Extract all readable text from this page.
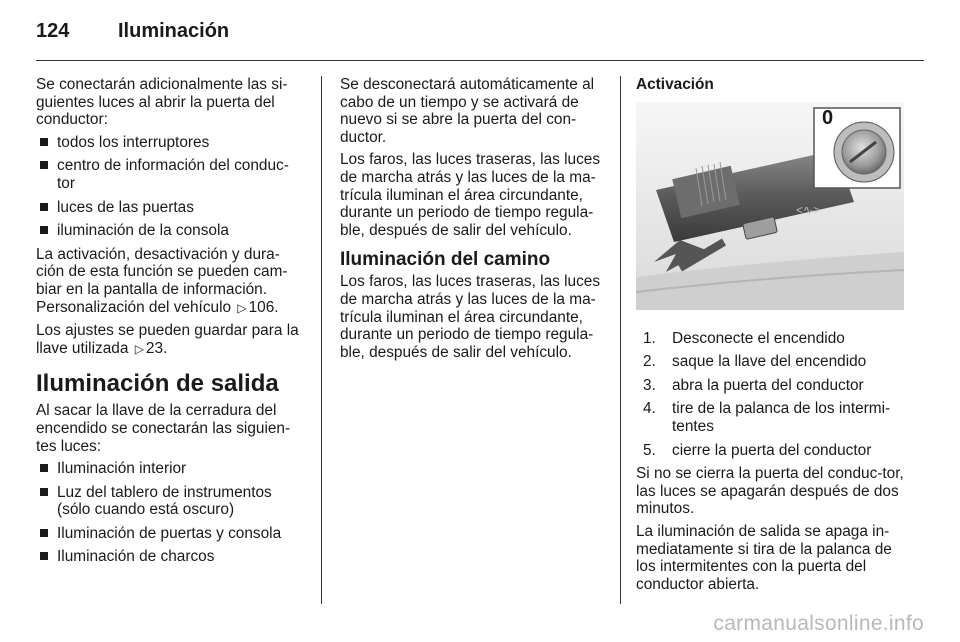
124 Iluminación

Se conectarán adicionalmente las si-guientes luces al abrir la puerta del conductor:

todos los interruptores
centro de información del conduc-tor
luces de las puertas
iluminación de la consola

La activación, desactivación y dura-ción de esta función se pueden cam-biar en la pantalla de información. Personalización del vehículo ▷ 106.

Los ajustes se pueden guardar para la llave utilizada ▷ 23.

Iluminación de salida

Al sacar la llave de la cerradura del encendido se conectarán las siguien-tes luces:

Iluminación interior
Luz del tablero de instrumentos (sólo cuando está oscuro)
Iluminación de puertas y consola
Iluminación de charcos

Se desconectará automáticamente al cabo de un tiempo y se activará de nuevo si se abre la puerta del con-ductor.

Los faros, las luces traseras, las luces de marcha atrás y las luces de la ma-trícula iluminan el área circundante, durante un periodo de tiempo regula-ble, después de salir del vehículo.

Iluminación del camino

Los faros, las luces traseras, las luces de marcha atrás y las luces de la ma-trícula iluminan el área circundante, durante un periodo de tiempo regula-ble, después de salir del vehículo.

Activación
<∿>
0
1. Desconecte el encendido
2. saque la llave del encendido
3. abra la puerta del conductor
4. tire de la palanca de los intermi-tentes
5. cierre la puerta del conductor

Si no se cierra la puerta del conduc-tor, las luces se apagarán después de dos minutos.

La iluminación de salida se apaga in-mediatamente si tira de la palanca de los intermitentes con la puerta del conductor abierta.

carmanualsonline.info
